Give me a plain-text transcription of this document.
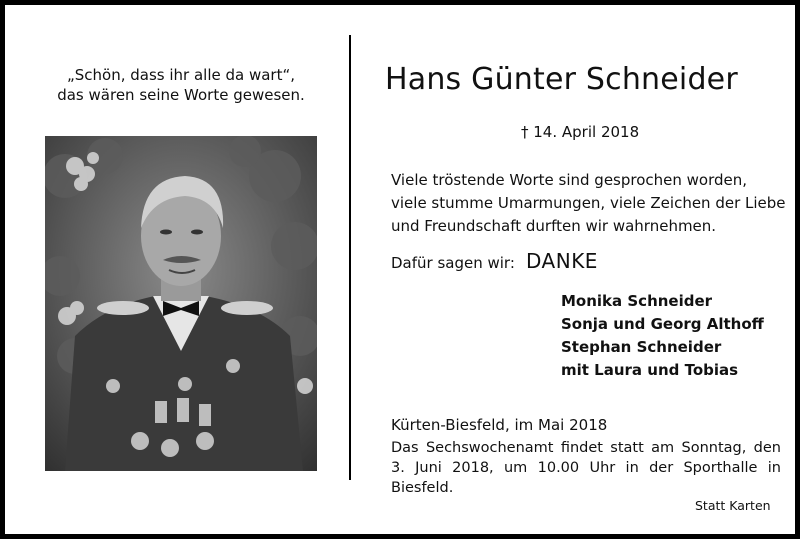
„Schön, dass ihr alle da wart“,
das wären seine Worte gewesen.	Hans Günter Schneider
† 14. April 2018
Viele tröstende Worte sind gesprochen worden,
viele stumme Umarmungen, viele Zeichen der Liebe
und Freundschaft durften wir wahrnehmen.
Dafür sagen wir: DANKE
Monika Schneider
Sonja und Georg Althoff
Stephan Schneider
mit Laura und Tobias
Kürten-Biesfeld, im Mai 2018
Das Sechswochenamt findet statt am Sonntag, den 3. Juni 2018, um 10.00 Uhr in der Sporthalle in Biesfeld.
Statt Karten
